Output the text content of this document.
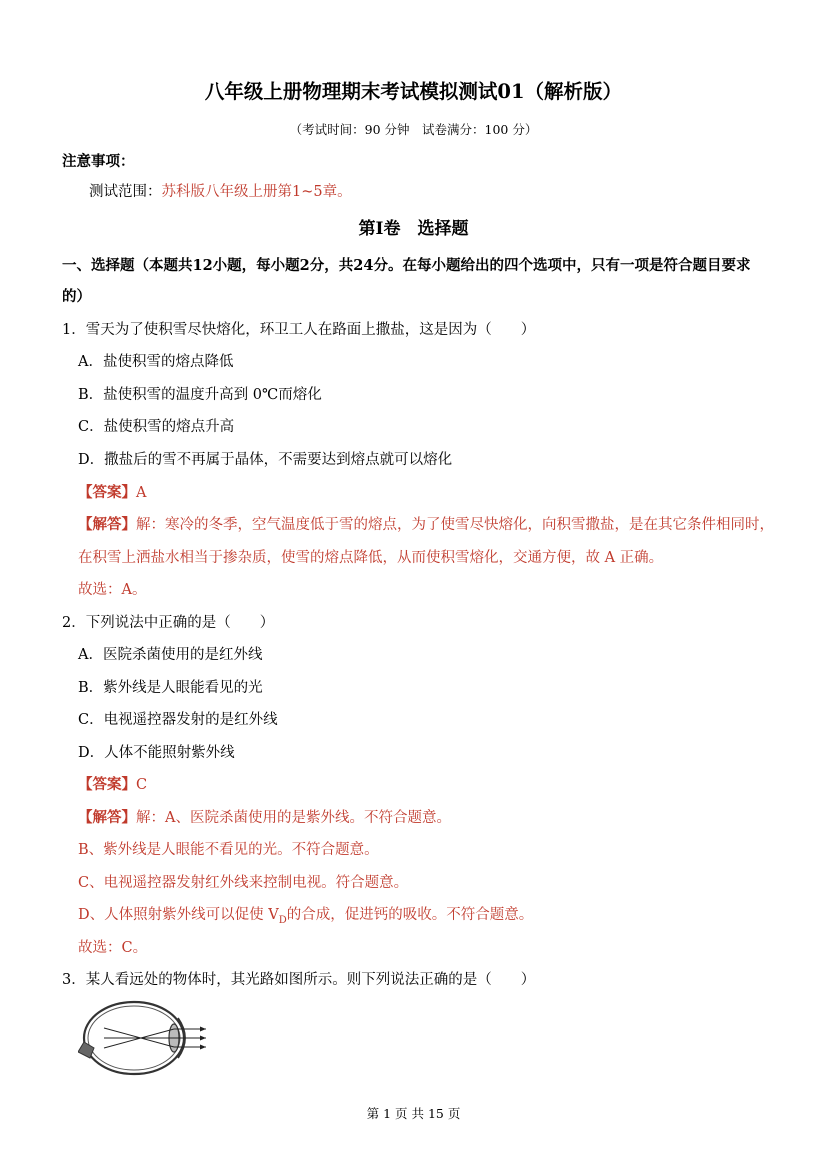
八年级上册物理期末考试模拟测试01（解析版）
（考试时间：90 分钟　试卷满分：100 分）
注意事项：
测试范围：苏科版八年级上册第1~5章。
第Ⅰ卷　选择题
一、选择题（本题共12小题，每小题2分，共24分。在每小题给出的四个选项中，只有一项是符合题目要求
的）
1．雪天为了使积雪尽快熔化，环卫工人在路面上撒盐，这是因为（　　）
A．盐使积雪的熔点降低
B．盐使积雪的温度升高到 0℃而熔化
C．盐使积雪的熔点升高
D．撒盐后的雪不再属于晶体，不需要达到熔点就可以熔化
【答案】A
【解答】解：寒冷的冬季，空气温度低于雪的熔点，为了使雪尽快熔化，向积雪撒盐，是在其它条件相同时，
在积雪上洒盐水相当于掺杂质，使雪的熔点降低，从而使积雪熔化，交通方便，故 A 正确。
故选：A。
2．下列说法中正确的是（　　）
A．医院杀菌使用的是红外线
B．紫外线是人眼能看见的光
C．电视遥控器发射的是红外线
D．人体不能照射紫外线
【答案】C
【解答】解：A、医院杀菌使用的是紫外线。不符合题意。
B、紫外线是人眼能不看见的光。不符合题意。
C、电视遥控器发射红外线来控制电视。符合题意。
D、人体照射紫外线可以促使 $V_D$的合成，促进钙的吸收。不符合题意。
故选：C。
3．某人看远处的物体时，其光路如图所示。则下列说法正确的是（　　）
第 1 页 共 15 页
